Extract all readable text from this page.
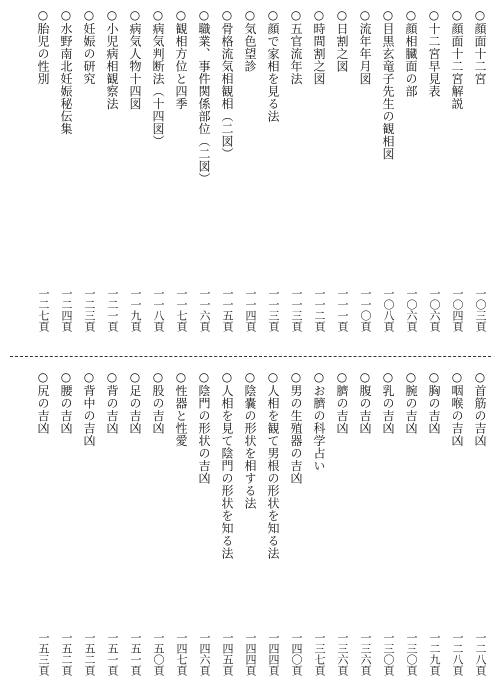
○顔面十二宮
一〇三頁
○顔面十二宮解説
一〇四頁
○十二宮早見表
一〇六頁
○顔相臓面の部
一〇六頁
○目黒玄竜子先生の観相図
一〇八頁
○流年年月図
一一〇頁
○日割之図
一一一頁
○時間割之図
一一二頁
○五官流年法
一一三頁
○顔で家相を見る法
一一三頁
○気色望診
一一四頁
○骨格流気相観相（二図）
一一五頁
○職業、事件関係部位（二図）
一一六頁
○観相方位と四季
一一七頁
○病気判断法（十四図）
一一八頁
○病気人物十四図
一一九頁
○小児病相観察法
一二一頁
○妊娠の研究
一二三頁
○水野南北妊娠秘伝集
一二四頁
○胎児の性別
一二七頁
○首筋の吉凶
一二八頁
○咽喉の吉凶
一二八頁
○胸の吉凶
一二九頁
○腕の吉凶
一三〇頁
○乳の吉凶
一三〇頁
○腹の吉凶
一三六頁
○臍の吉凶
一三六頁
○お臍の科学占い
一三七頁
○男の生殖器の吉凶
一四〇頁
○人相を観て男根の形状を知る法
一四四頁
○陰嚢の形状を相する法
一四四頁
○人相を見て陰門の形状を知る法
一四五頁
○陰門の形状の吉凶
一四六頁
○性器と性愛
一四七頁
○股の吉凶
一五〇頁
○足の吉凶
一五一頁
○背の吉凶
一五一頁
○背中の吉凶
一五二頁
○腰の吉凶
一五二頁
○尻の吉凶
一五三頁
